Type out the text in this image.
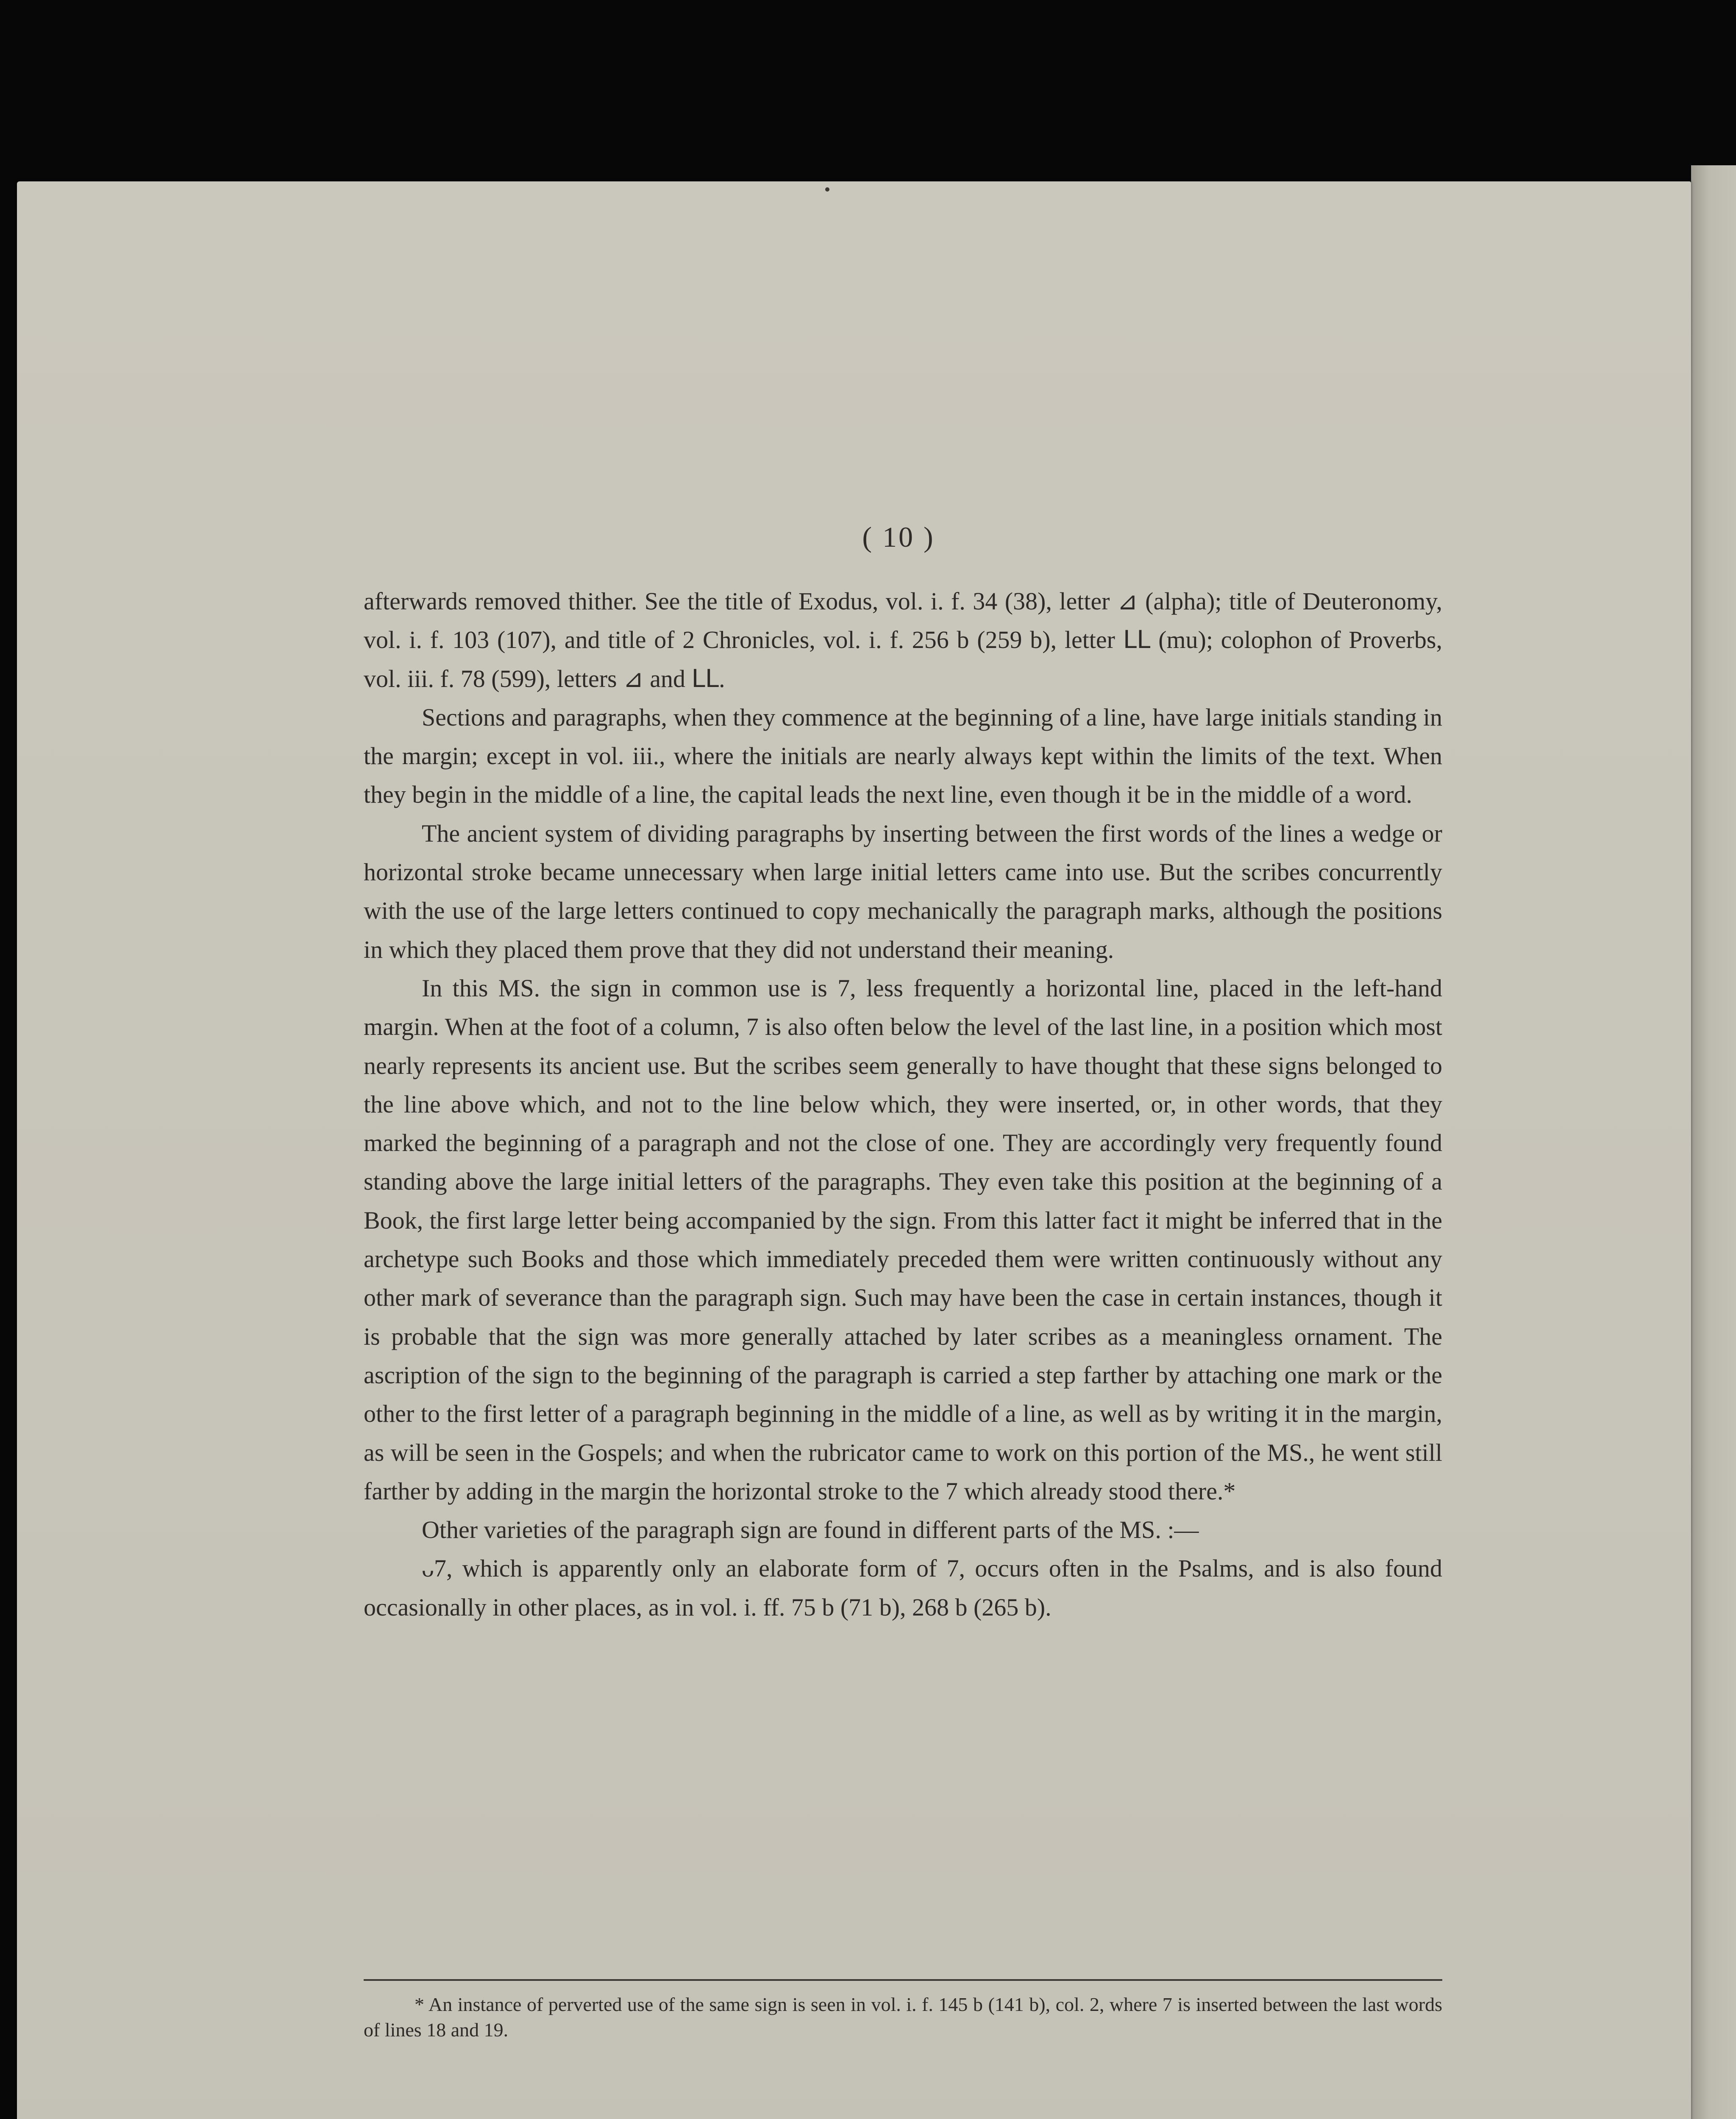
( 10 )

afterwards removed thither. See the title of Exodus, vol. i. f. 34 (38), letter ⊿ (alpha); title of Deuteronomy, vol. i. f. 103 (107), and title of 2 Chronicles, vol. i. f. 256 b (259 b), letter ꓡꓡ (mu); colophon of Proverbs, vol. iii. f. 78 (599), letters ⊿ and ꓡꓡ.

Sections and paragraphs, when they commence at the beginning of a line, have large initials standing in the margin; except in vol. iii., where the initials are nearly always kept within the limits of the text. When they begin in the middle of a line, the capital leads the next line, even though it be in the middle of a word.

The ancient system of dividing paragraphs by inserting between the first words of the lines a wedge or horizontal stroke became unnecessary when large initial letters came into use. But the scribes concurrently with the use of the large letters continued to copy mechanically the paragraph marks, although the positions in which they placed them prove that they did not understand their meaning.

In this MS. the sign in common use is 7, less frequently a horizontal line, placed in the left-hand margin. When at the foot of a column, 7 is also often below the level of the last line, in a position which most nearly represents its ancient use. But the scribes seem generally to have thought that these signs belonged to the line above which, and not to the line below which, they were inserted, or, in other words, that they marked the beginning of a paragraph and not the close of one. They are accordingly very frequently found standing above the large initial letters of the paragraphs. They even take this position at the beginning of a Book, the first large letter being accompanied by the sign. From this latter fact it might be inferred that in the archetype such Books and those which immediately preceded them were written continuously without any other mark of severance than the paragraph sign. Such may have been the case in certain instances, though it is probable that the sign was more generally attached by later scribes as a meaningless ornament. The ascription of the sign to the beginning of the paragraph is carried a step farther by attaching one mark or the other to the first letter of a paragraph beginning in the middle of a line, as well as by writing it in the margin, as will be seen in the Gospels; and when the rubricator came to work on this portion of the MS., he went still farther by adding in the margin the horizontal stroke to the 7 which already stood there.*

Other varieties of the paragraph sign are found in different parts of the MS. :—

ᴗ7, which is apparently only an elaborate form of 7, occurs often in the Psalms, and is also found occasionally in other places, as in vol. i. ff. 75 b (71 b), 268 b (265 b).

* An instance of perverted use of the same sign is seen in vol. i. f. 145 b (141 b), col. 2, where 7 is inserted between the last words of lines 18 and 19.
